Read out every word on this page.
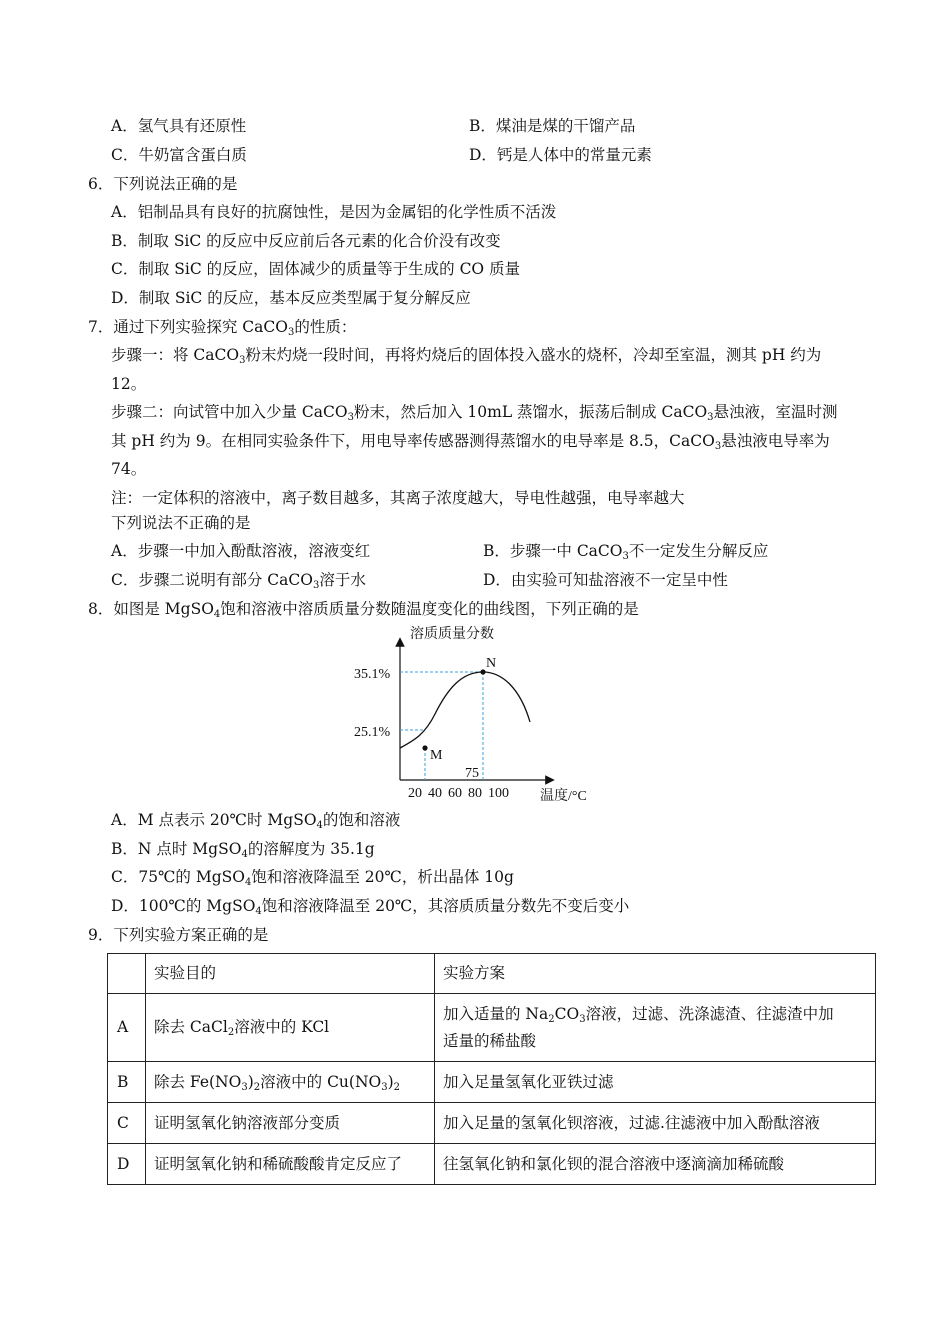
A．氢气具有还原性	B．煤油是煤的干馏产品
C．牛奶富含蛋白质	D．钙是人体中的常量元素
6．下列说法正确的是
A．铝制品具有良好的抗腐蚀性，是因为金属铝的化学性质不活泼
B．制取 SiC 的反应中反应前后各元素的化合价没有改变
C．制取 SiC 的反应，固体减少的质量等于生成的 CO 质量
D．制取 SiC 的反应，基本反应类型属于复分解反应
7．通过下列实验探究 CaCO$_3$的性质：
步骤一：将 CaCO$_3$粉末灼烧一段时间，再将灼烧后的固体投入盛水的烧杯，冷却至室温，测其 pH 约为
12。
步骤二：向试管中加入少量 CaCO$_3$粉末，然后加入 10mL 蒸馏水，振荡后制成 CaCO$_3$悬浊液，室温时测
其 pH 约为 9。在相同实验条件下，用电导率传感器测得蒸馏水的电导率是 8.5，CaCO$_3$悬浊液电导率为
74。
注：一定体积的溶液中，离子数目越多，其离子浓度越大，导电性越强，电导率越大
下列说法不正确的是
A．步骤一中加入酚酞溶液，溶液变红	B．步骤一中 CaCO$_3$不一定发生分解反应
C．步骤二说明有部分 CaCO$_3$溶于水	D．由实验可知盐溶液不一定呈中性
8．如图是 MgSO$_4$饱和溶液中溶质质量分数随温度变化的曲线图，下列正确的是
溶质质量分数
温度/°C
35.1%
25.1%
20 40 60 80 100
M
N
75
A．M 点表示 20℃时 MgSO$_4$的饱和溶液
B．N 点时 MgSO$_4$的溶解度为 35.1g
C．75℃的 MgSO$_4$饱和溶液降温至 20℃，析出晶体 10g
D．100℃的 MgSO$_4$饱和溶液降温至 20℃，其溶质质量分数先不变后变小
9．下列实验方案正确的是
	实验目的	实验方案
A	除去 CaCl$_2$溶液中的 KCl	加入适量的 $Na_2CO_3$溶液，过滤、洗涤滤渣、往滤渣中加
适量的稀盐酸
B	除去 $Fe(NO_3)_2$溶液中的 $Cu(NO_3)_2$	加入足量氢氧化亚铁过滤
C	证明氢氧化钠溶液部分变质	加入足量的氢氧化钡溶液，过滤.往滤液中加入酚酞溶液
D	证明氢氧化钠和稀硫酸酸肯定反应了	往氢氧化钠和氯化钡的混合溶液中逐滴滴加稀硫酸
